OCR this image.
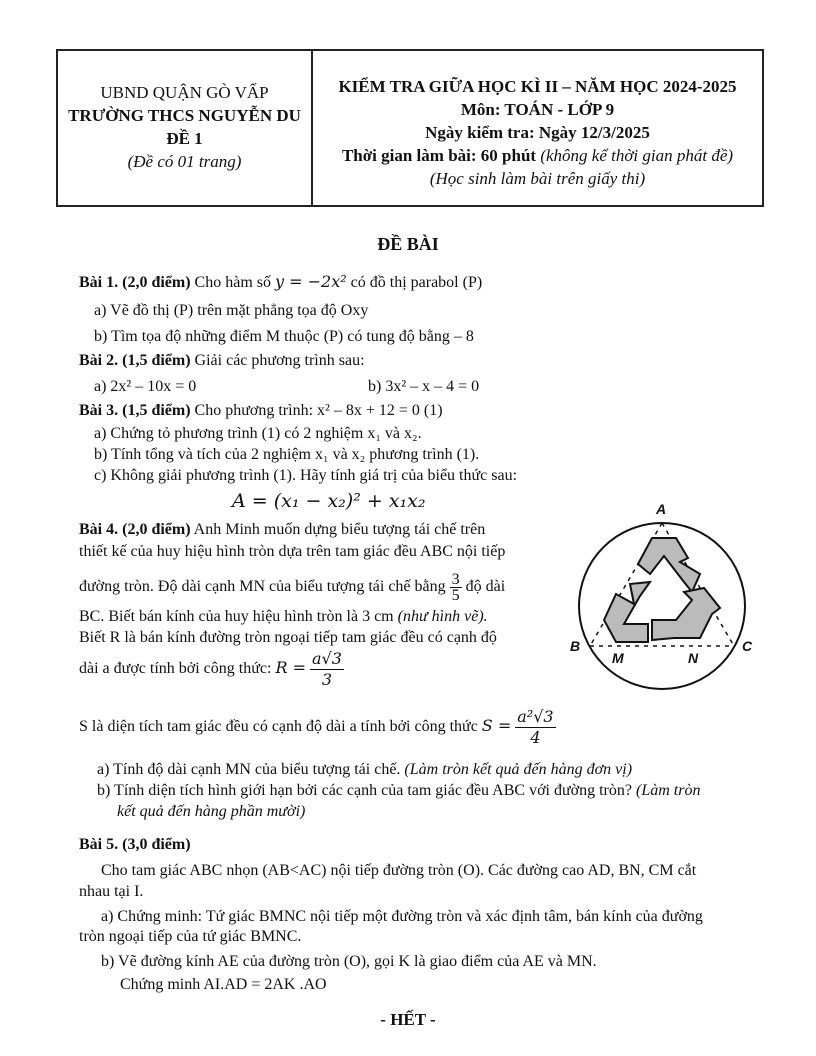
UBND QUẬN GÒ VẤP
TRƯỜNG THCS NGUYỄN DU
ĐỀ 1
(Đề có 01 trang)
KIỂM TRA GIỮA HỌC KÌ II – NĂM HỌC 2024-2025
Môn: TOÁN - LỚP 9
Ngày kiểm tra: Ngày 12/3/2025
Thời gian làm bài: 60 phút (không kể thời gian phát đề)
(Học sinh làm bài trên giấy thi)
ĐỀ BÀI
Bài 1. (2,0 điểm) Cho hàm số y = −2x² có đồ thị parabol (P)
a) Vẽ đồ thị (P) trên mặt phẳng tọa độ Oxy
b) Tìm tọa độ những điểm M thuộc (P) có tung độ bằng – 8
Bài 2. (1,5 điểm) Giải các phương trình sau:
a) 2x² – 10x = 0	b) 3x² – x – 4 = 0
Bài 3. (1,5 điểm) Cho phương trình: x² – 8x + 12 = 0 (1)
a) Chứng tỏ phương trình (1) có 2 nghiệm x₁ và x₂.
b) Tính tổng và tích của 2 nghiệm x₁ và x₂ phương trình (1).
c) Không giải phương trình (1). Hãy tính giá trị của biểu thức sau:
A = (x₁ − x₂)² + x₁x₂
Bài 4. (2,0 điểm) Anh Minh muốn dựng biểu tượng tái chế trên
thiết kế của huy hiệu hình tròn dựa trên tam giác đều ABC nội tiếp
đường tròn. Độ dài cạnh MN của biểu tượng tái chế bằng $\frac{3}{5}$ độ dài
BC. Biết bán kính của huy hiệu hình tròn là 3 cm (như hình vẽ).
Biết R là bán kính đường tròn ngoại tiếp tam giác đều có cạnh độ
dài a được tính bởi công thức: $R = \frac{a√3}{3}$
S là diện tích tam giác đều có cạnh độ dài a tính bởi công thức $S = \frac{\text{a²√3}}{4}$
a) Tính độ dài cạnh MN của biểu tượng tái chế. (Làm tròn kết quả đến hàng đơn vị)
b) Tính diện tích hình giới hạn bởi các cạnh của tam giác đều ABC với đường tròn? (Làm tròn
kết quả đến hàng phần mười)
A
B	C
M	N
Bài 5. (3,0 điểm)
Cho tam giác ABC nhọn (AB<AC) nội tiếp đường tròn (O). Các đường cao AD, BN, CM cắt
nhau tại I.
a) Chứng minh: Tứ giác BMNC nội tiếp một đường tròn và xác định tâm, bán kính của đường
tròn ngoại tiếp của tứ giác BMNC.
b) Vẽ đường kính AE của đường tròn (O), gọi K là giao điểm của AE và MN.
Chứng minh AI.AD = 2AK .AO
- HẾT -
